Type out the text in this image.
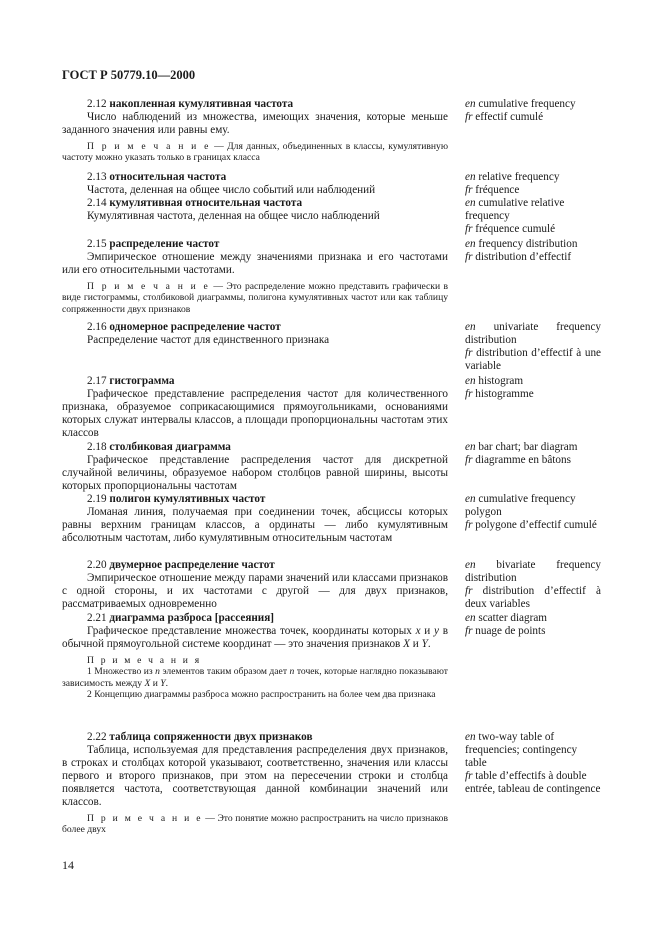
ГОСТ Р 50779.10—2000
2.12 накопленная кумулятивная частота
Число наблюдений из множества, имеющих значения, которые меньше заданного значения или равны ему.
П р и м е ч а н и е — Для данных, объединенных в классы, кумулятивную частоту можно указать только в границах класса
en cumulative frequency
fr effectif cumulé
2.13 относительная частота
Частота, деленная на общее число событий или наблюдений
2.14 кумулятивная относительная частота
Кумулятивная частота, деленная на общее число наблюдений
en relative frequency
fr fréquence
en cumulative relative frequency
fr fréquence cumulé
2.15 распределение частот
Эмпирическое отношение между значениями признака и его частотами или его относительными частотами.
П р и м е ч а н и е — Это распределение можно представить графически в виде гистограммы, столбиковой диаграммы, полигона кумулятивных частот или как таблицу сопряженности двух признаков
en frequency distribution
fr distribution d’effectif
2.16 одномерное распределение частот
Распределение частот для единственного признака
en univariate frequency distribution
fr distribution d’effectif à une variable
2.17 гистограмма
Графическое представление распределения частот для количественного признака, образуемое соприкасающимися прямоугольниками, основаниями которых служат интервалы классов, а площади пропорциональны частотам этих классов
en histogram
fr histogramme
2.18 столбиковая диаграмма
Графическое представление распределения частот для дискретной случайной величины, образуемое набором столбцов равной ширины, высоты которых пропорциональны частотам
en bar chart; bar diagram
fr diagramme en bâtons
2.19 полигон кумулятивных частот
Ломаная линия, получаемая при соединении точек, абсциссы которых равны верхним границам классов, а ординаты — либо кумулятивным абсолютным частотам, либо кумулятивным относительным частотам
en cumulative frequency polygon
fr polygone d’effectif cumulé
2.20 двумерное распределение частот
Эмпирическое отношение между парами значений или классами признаков с одной стороны, и их частотами с другой — для двух признаков, рассматриваемых одновременно
en bivariate frequency distribution
fr distribution d’effectif à deux variables
2.21 диаграмма разброса [рассеяния]
Графическое представление множества точек, координаты которых x и y в обычной прямоугольной системе координат — это значения признаков X и Y.
П р и м е ч а н и я
1 Множество из n элементов таким образом дает n точек, которые наглядно показывают зависимость между X и Y.
2 Концепцию диаграммы разброса можно распространить на более чем два признака
en scatter diagram
fr nuage de points
2.22 таблица сопряженности двух признаков
Таблица, используемая для представления распределения двух признаков, в строках и столбцах которой указывают, соответственно, значения или классы первого и второго признаков, при этом на пересечении строки и столбца появляется частота, соответствующая данной комбинации значений или классов.
П р и м е ч а н и е — Это понятие можно распространить на число признаков более двух
en two-way table of frequencies; contingency table
fr table d’effectifs à double entrée, tableau de contingence
14
